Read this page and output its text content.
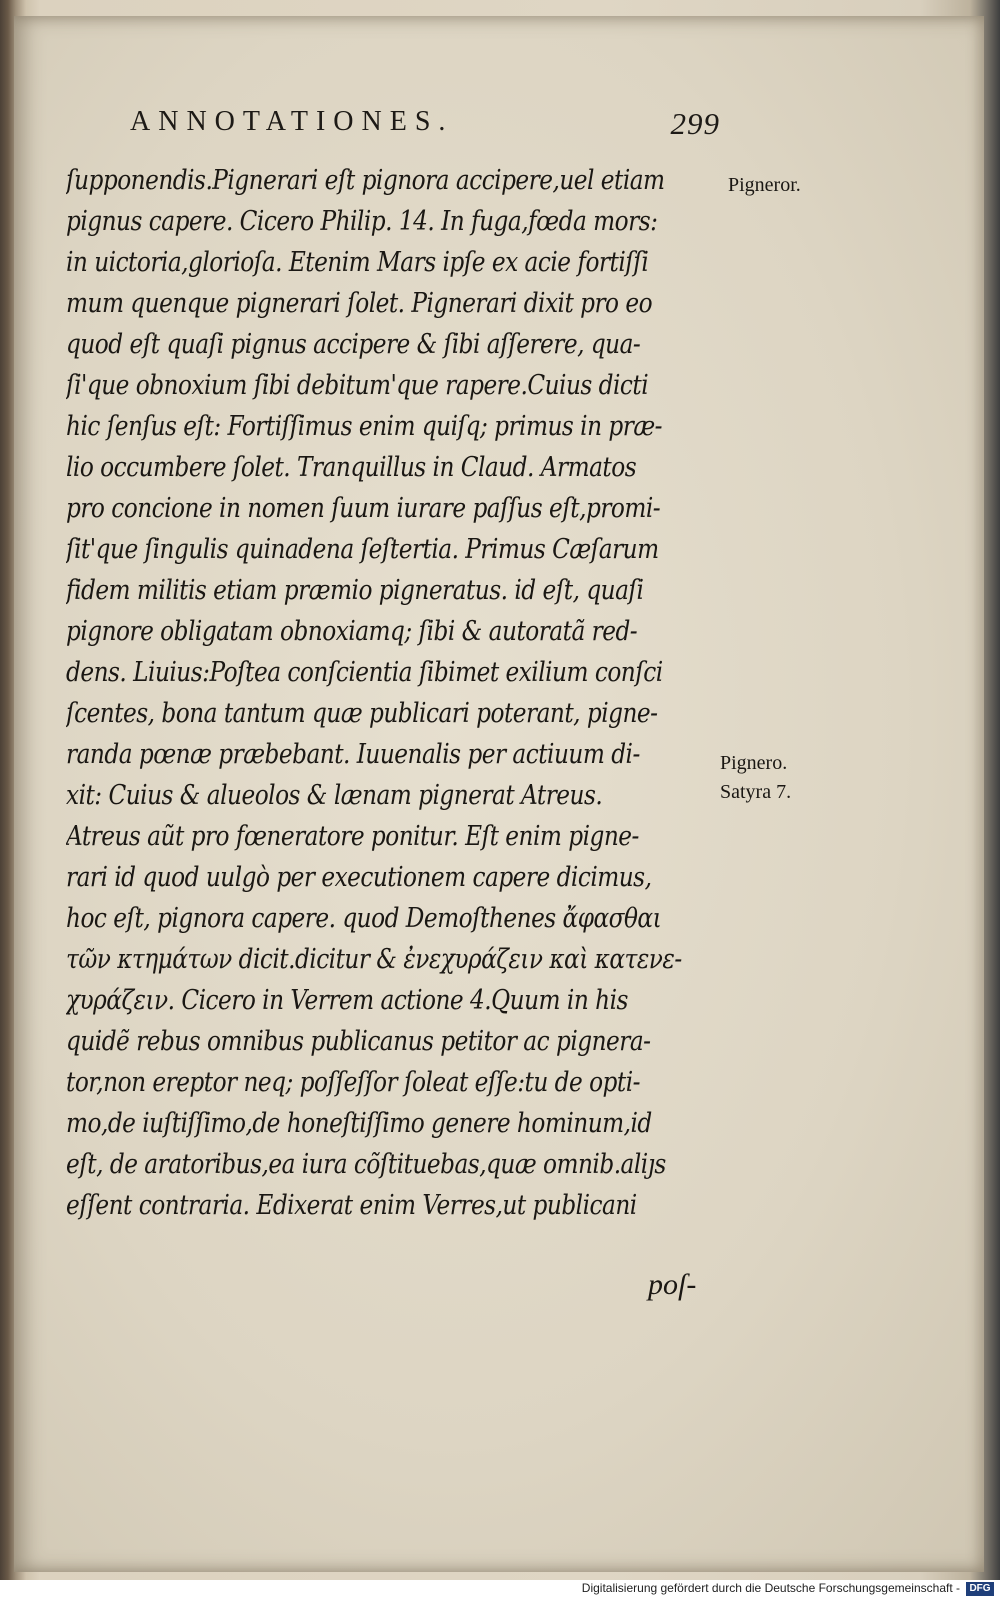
ANNOTATIONES.	299
ſupponendis.Pignerari eſt pignora accipere,uel etiam
pignus capere. Cicero Philip. 14. In fuga,fœda mors:
in uictoria,glorioſa. Etenim Mars ipſe ex acie fortiſſi
mum quenque pignerari ſolet. Pignerari dixit pro eo
quod eſt quaſi pignus accipere & ſibi aſſerere, qua-
ſi'que obnoxium ſibi debitum'que rapere.Cuius dicti
hic ſenſus eſt: Fortiſſimus enim quiſq; primus in præ-
lio occumbere ſolet. Tranquillus in Claud. Armatos
pro concione in nomen ſuum iurare paſſus eſt,promi-
ſit'que ſingulis quinadena ſeſtertia. Primus Cæſarum
fidem militis etiam præmio pigneratus. id eſt, quaſi
pignore obligatam obnoxiamq; ſibi & autoratã red-
dens. Liuius:Poſtea conſcientia ſibimet exilium conſci
ſcentes, bona tantum quæ publicari poterant, pigne-
randa pœnæ præbebant. Iuuenalis per actiuum di-
xit: Cuius & alueolos & lænam pignerat Atreus.
Atreus aũt pro fœneratore ponitur. Eſt enim pigne-
rari id quod uulgò per executionem capere dicimus,
hoc eſt, pignora capere. quod Demoſthenes ἄφασθαι
τῶν κτημάτων dicit.dicitur & ἐνεχυράζειν καὶ κατενε-
χυράζειν. Cicero in Verrem actione 4.Quum in his
quidẽ rebus omnibus publicanus petitor ac pignera-
tor,non ereptor neq; poſſeſſor ſoleat eſſe:tu de opti-
mo,de iuſtiſſimo,de honeſtiſſimo genere hominum,id
eſt, de aratoribus,ea iura cõſtituebas,quæ omnib.aliȷs
eſſent contraria. Edixerat enim Verres,ut publicani
poſ-
Pigneror.
Pignero.
Satyra 7.
Digitalisierung gefördert durch die Deutsche Forschungsgemeinschaft - DFG
